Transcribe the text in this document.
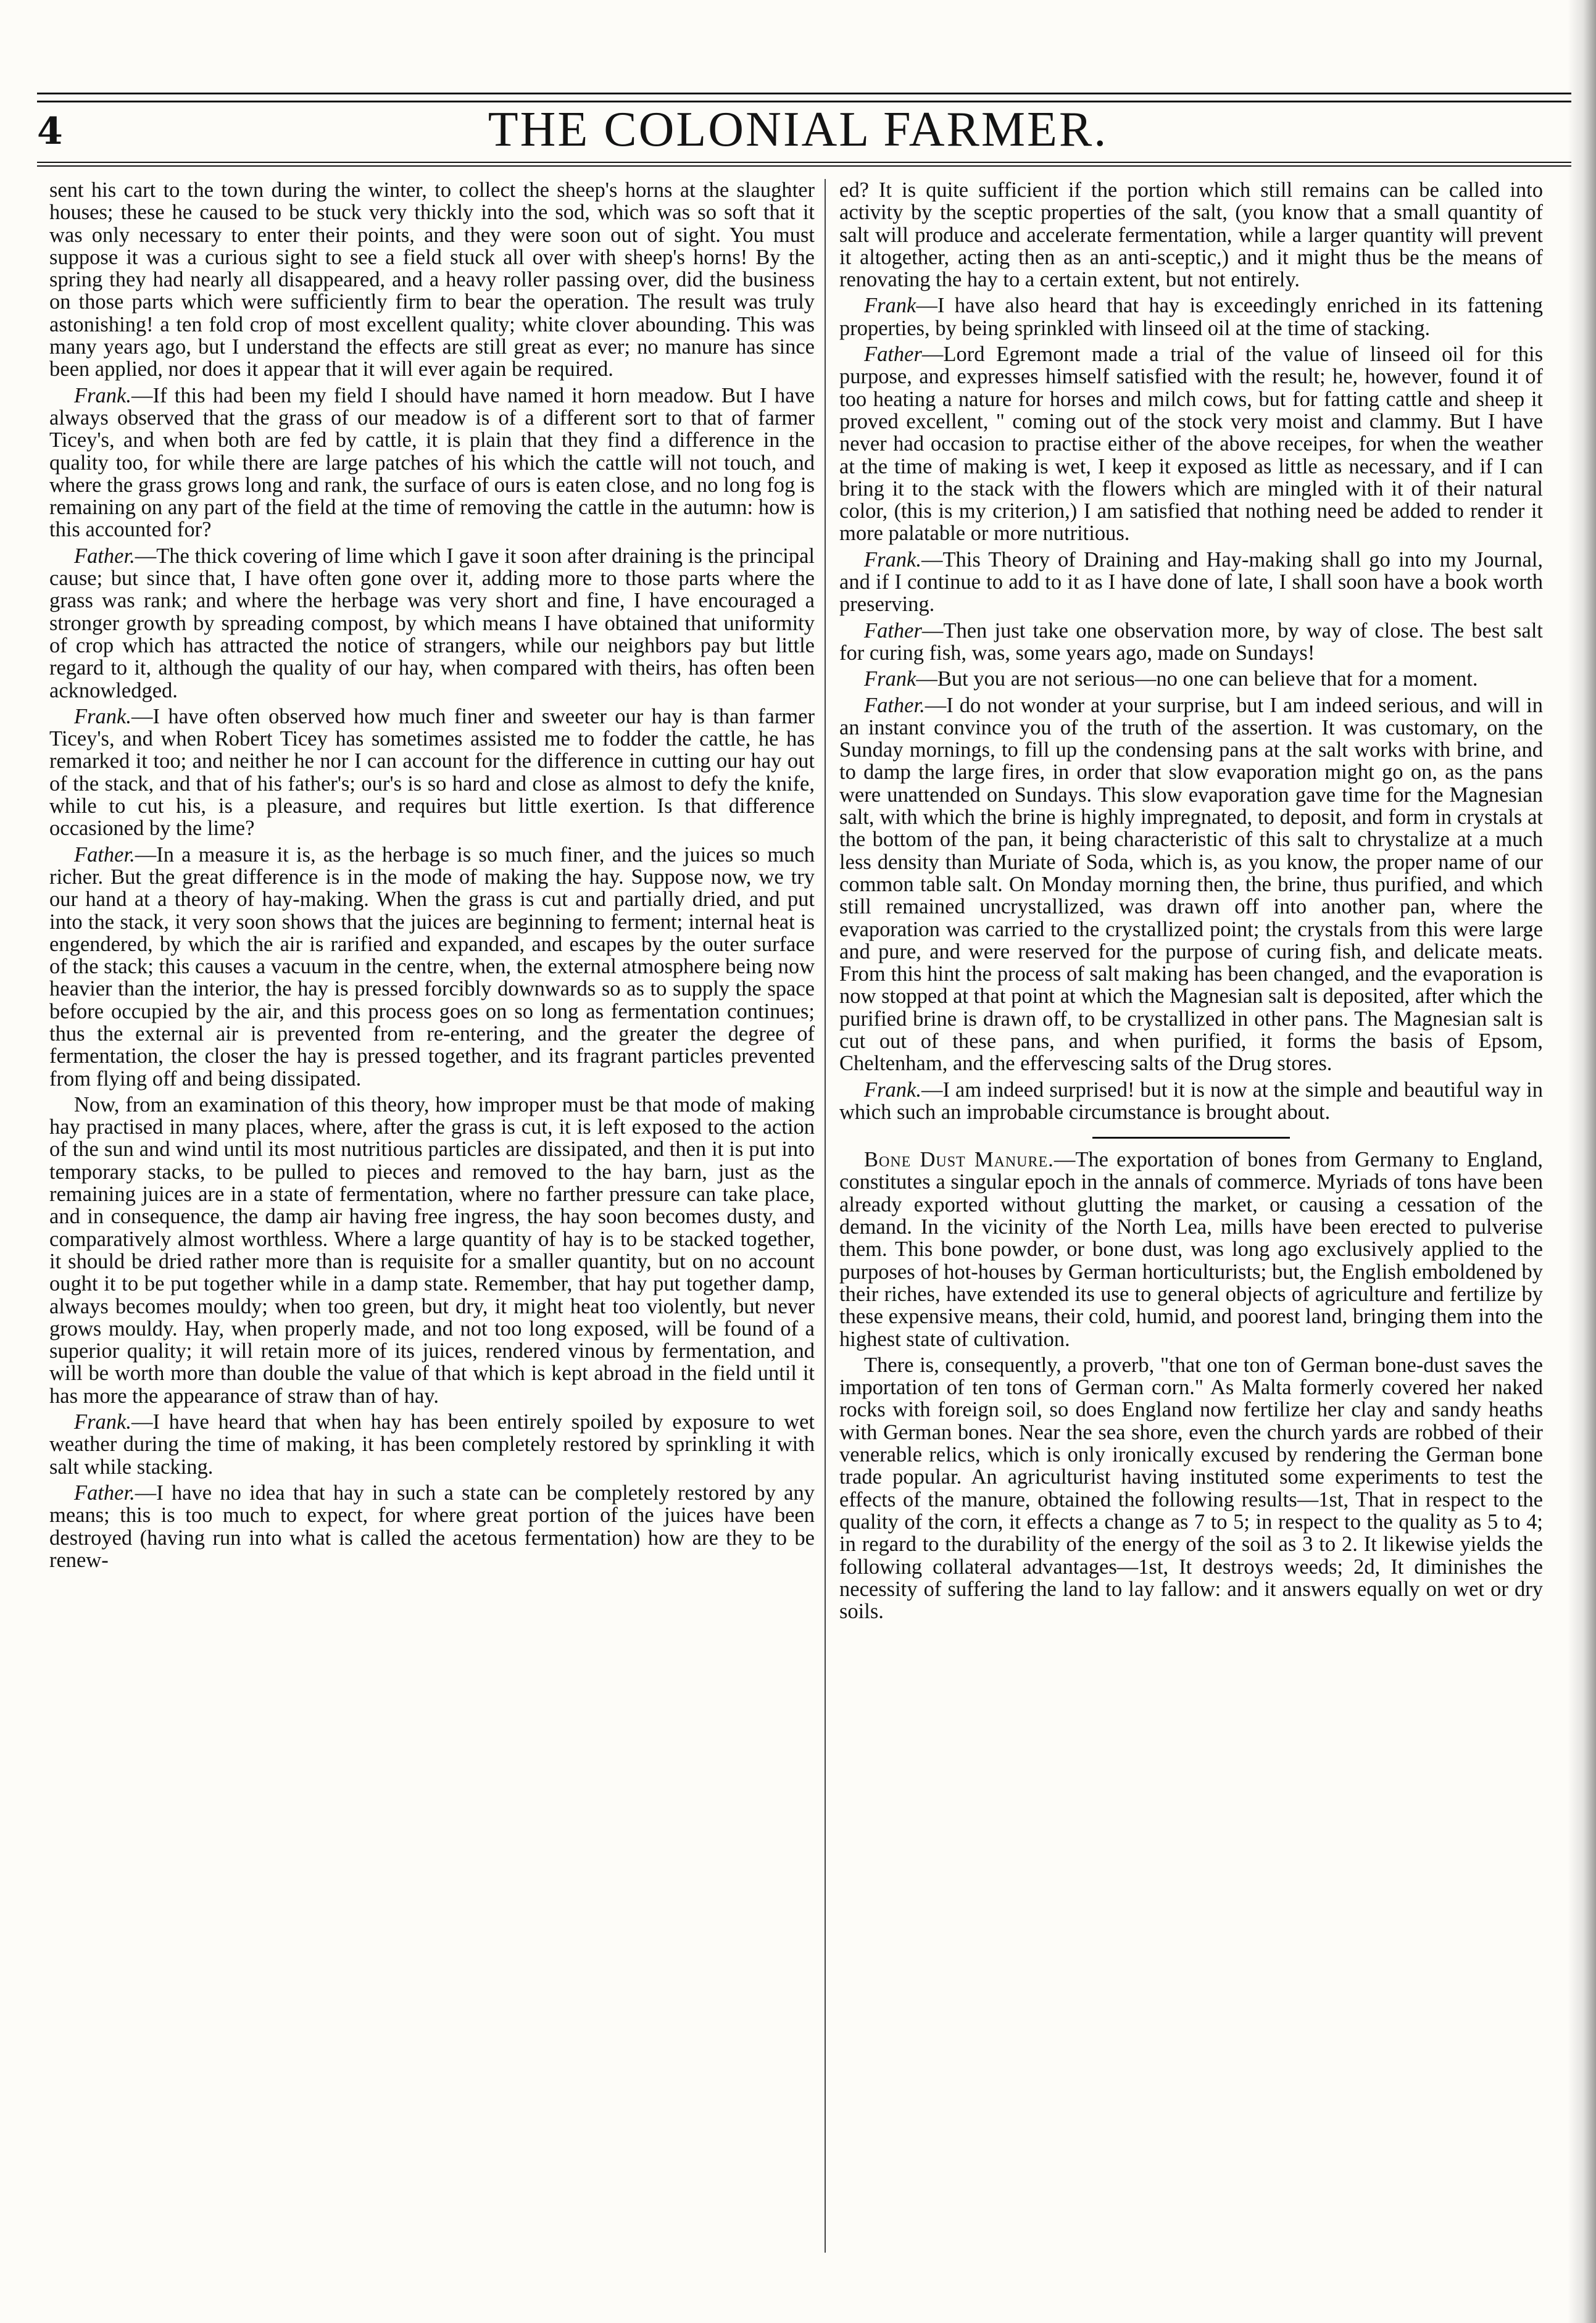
4	THE COLONIAL FARMER.

sent his cart to the town during the winter, to collect the sheep's horns at the slaughter houses; these he caused to be stuck very thickly into the sod, which was so soft that it was only necessary to enter their points, and they were soon out of sight. You must suppose it was a curious sight to see a field stuck all over with sheep's horns! By the spring they had nearly all disappeared, and a heavy roller passing over, did the business on those parts which were sufficiently firm to bear the operation. The result was truly astonishing! a ten fold crop of most excellent quality; white clover abounding. This was many years ago, but I understand the effects are still great as ever; no manure has since been applied, nor does it appear that it will ever again be required.

Frank.—If this had been my field I should have named it horn meadow. But I have always observed that the grass of our meadow is of a different sort to that of farmer Ticey's, and when both are fed by cattle, it is plain that they find a difference in the quality too, for while there are large patches of his which the cattle will not touch, and where the grass grows long and rank, the surface of ours is eaten close, and no long fog is remaining on any part of the field at the time of removing the cattle in the autumn: how is this accounted for?

Father.—The thick covering of lime which I gave it soon after draining is the principal cause; but since that, I have often gone over it, adding more to those parts where the grass was rank; and where the herbage was very short and fine, I have encouraged a stronger growth by spreading compost, by which means I have obtained that uniformity of crop which has attracted the notice of strangers, while our neighbors pay but little regard to it, although the quality of our hay, when compared with theirs, has often been acknowledged.

Frank.—I have often observed how much finer and sweeter our hay is than farmer Ticey's, and when Robert Ticey has sometimes assisted me to fodder the cattle, he has remarked it too; and neither he nor I can account for the difference in cutting our hay out of the stack, and that of his father's; our's is so hard and close as almost to defy the knife, while to cut his, is a pleasure, and requires but little exertion. Is that difference occasioned by the lime?

Father.—In a measure it is, as the herbage is so much finer, and the juices so much richer. But the great difference is in the mode of making the hay. Suppose now, we try our hand at a theory of hay-making. When the grass is cut and partially dried, and put into the stack, it very soon shows that the juices are beginning to ferment; internal heat is engendered, by which the air is rarified and expanded, and escapes by the outer surface of the stack; this causes a vacuum in the centre, when, the external atmosphere being now heavier than the interior, the hay is pressed forcibly downwards so as to supply the space before occupied by the air, and this process goes on so long as fermentation continues; thus the external air is prevented from re-entering, and the greater the degree of fermentation, the closer the hay is pressed together, and its fragrant particles prevented from flying off and being dissipated.

Now, from an examination of this theory, how improper must be that mode of making hay practised in many places, where, after the grass is cut, it is left exposed to the action of the sun and wind until its most nutritious particles are dissipated, and then it is put into temporary stacks, to be pulled to pieces and removed to the hay barn, just as the remaining juices are in a state of fermentation, where no farther pressure can take place, and in consequence, the damp air having free ingress, the hay soon becomes dusty, and comparatively almost worthless. Where a large quantity of hay is to be stacked together, it should be dried rather more than is requisite for a smaller quantity, but on no account ought it to be put together while in a damp state. Remember, that hay put together damp, always becomes mouldy; when too green, but dry, it might heat too violently, but never grows mouldy. Hay, when properly made, and not too long exposed, will be found of a superior quality; it will retain more of its juices, rendered vinous by fermentation, and will be worth more than double the value of that which is kept abroad in the field until it has more the appearance of straw than of hay.

Frank.—I have heard that when hay has been entirely spoiled by exposure to wet weather during the time of making, it has been completely restored by sprinkling it with salt while stacking.

Father.—I have no idea that hay in such a state can be completely restored by any means; this is too much to expect, for where great portion of the juices have been destroyed (having run into what is called the acetous fermentation) how are they to be renew-

ed? It is quite sufficient if the portion which still remains can be called into activity by the sceptic properties of the salt, (you know that a small quantity of salt will produce and accelerate fermentation, while a larger quantity will prevent it altogether, acting then as an anti-sceptic,) and it might thus be the means of renovating the hay to a certain extent, but not entirely.

Frank—I have also heard that hay is exceedingly enriched in its fattening properties, by being sprinkled with linseed oil at the time of stacking.

Father—Lord Egremont made a trial of the value of linseed oil for this purpose, and expresses himself satisfied with the result; he, however, found it of too heating a nature for horses and milch cows, but for fatting cattle and sheep it proved excellent, " coming out of the stock very moist and clammy. But I have never had occasion to practise either of the above receipes, for when the weather at the time of making is wet, I keep it exposed as little as necessary, and if I can bring it to the stack with the flowers which are mingled with it of their natural color, (this is my criterion,) I am satisfied that nothing need be added to render it more palatable or more nutritious.

Frank.—This Theory of Draining and Hay-making shall go into my Journal, and if I continue to add to it as I have done of late, I shall soon have a book worth preserving.

Father—Then just take one observation more, by way of close. The best salt for curing fish, was, some years ago, made on Sundays!

Frank—But you are not serious—no one can believe that for a moment.

Father.—I do not wonder at your surprise, but I am indeed serious, and will in an instant convince you of the truth of the assertion. It was customary, on the Sunday mornings, to fill up the condensing pans at the salt works with brine, and to damp the large fires, in order that slow evaporation might go on, as the pans were unattended on Sundays. This slow evaporation gave time for the Magnesian salt, with which the brine is highly impregnated, to deposit, and form in crystals at the bottom of the pan, it being characteristic of this salt to chrystalize at a much less density than Muriate of Soda, which is, as you know, the proper name of our common table salt. On Monday morning then, the brine, thus purified, and which still remained uncrystallized, was drawn off into another pan, where the evaporation was carried to the crystallized point; the crystals from this were large and pure, and were reserved for the purpose of curing fish, and delicate meats. From this hint the process of salt making has been changed, and the evaporation is now stopped at that point at which the Magnesian salt is deposited, after which the purified brine is drawn off, to be crystallized in other pans. The Magnesian salt is cut out of these pans, and when purified, it forms the basis of Epsom, Cheltenham, and the effervescing salts of the Drug stores.

Frank.—I am indeed surprised! but it is now at the simple and beautiful way in which such an improbable circumstance is brought about.

Bone Dust Manure.—The exportation of bones from Germany to England, constitutes a singular epoch in the annals of commerce. Myriads of tons have been already exported without glutting the market, or causing a cessation of the demand. In the vicinity of the North Lea, mills have been erected to pulverise them. This bone powder, or bone dust, was long ago exclusively applied to the purposes of hot-houses by German horticulturists; but, the English emboldened by their riches, have extended its use to general objects of agriculture and fertilize by these expensive means, their cold, humid, and poorest land, bringing them into the highest state of cultivation.

There is, consequently, a proverb, "that one ton of German bone-dust saves the importation of ten tons of German corn." As Malta formerly covered her naked rocks with foreign soil, so does England now fertilize her clay and sandy heaths with German bones. Near the sea shore, even the church yards are robbed of their venerable relics, which is only ironically excused by rendering the German bone trade popular. An agriculturist having instituted some experiments to test the effects of the manure, obtained the following results—1st, That in respect to the quality of the corn, it effects a change as 7 to 5; in respect to the quality as 5 to 4; in regard to the durability of the energy of the soil as 3 to 2. It likewise yields the following collateral advantages—1st, It destroys weeds; 2d, It diminishes the necessity of suffering the land to lay fallow: and it answers equally on wet or dry soils.
